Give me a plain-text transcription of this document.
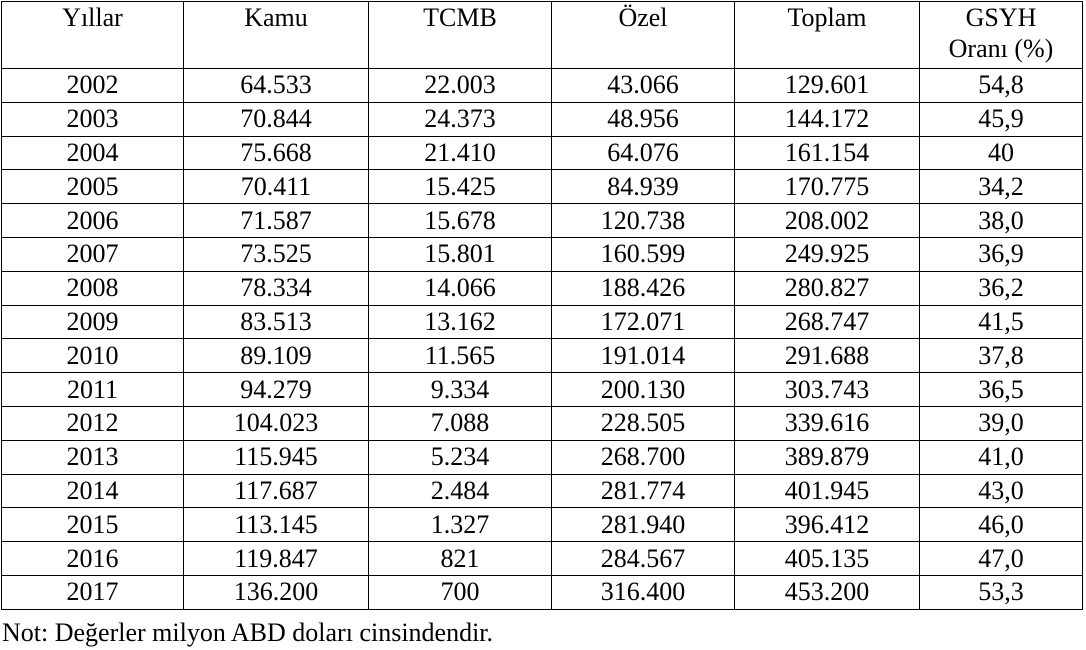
Yıllar	Kamu	TCMB	Özel	Toplam	GSYH
Oranı (%)
2002	64.533	22.003	43.066	129.601	54,8
2003	70.844	24.373	48.956	144.172	45,9
2004	75.668	21.410	64.076	161.154	40
2005	70.411	15.425	84.939	170.775	34,2
2006	71.587	15.678	120.738	208.002	38,0
2007	73.525	15.801	160.599	249.925	36,9
2008	78.334	14.066	188.426	280.827	36,2
2009	83.513	13.162	172.071	268.747	41,5
2010	89.109	11.565	191.014	291.688	37,8
2011	94.279	9.334	200.130	303.743	36,5
2012	104.023	7.088	228.505	339.616	39,0
2013	115.945	5.234	268.700	389.879	41,0
2014	117.687	2.484	281.774	401.945	43,0
2015	113.145	1.327	281.940	396.412	46,0
2016	119.847	821	284.567	405.135	47,0
2017	136.200	700	316.400	453.200	53,3
Not: Değerler milyon ABD doları cinsindendir.
